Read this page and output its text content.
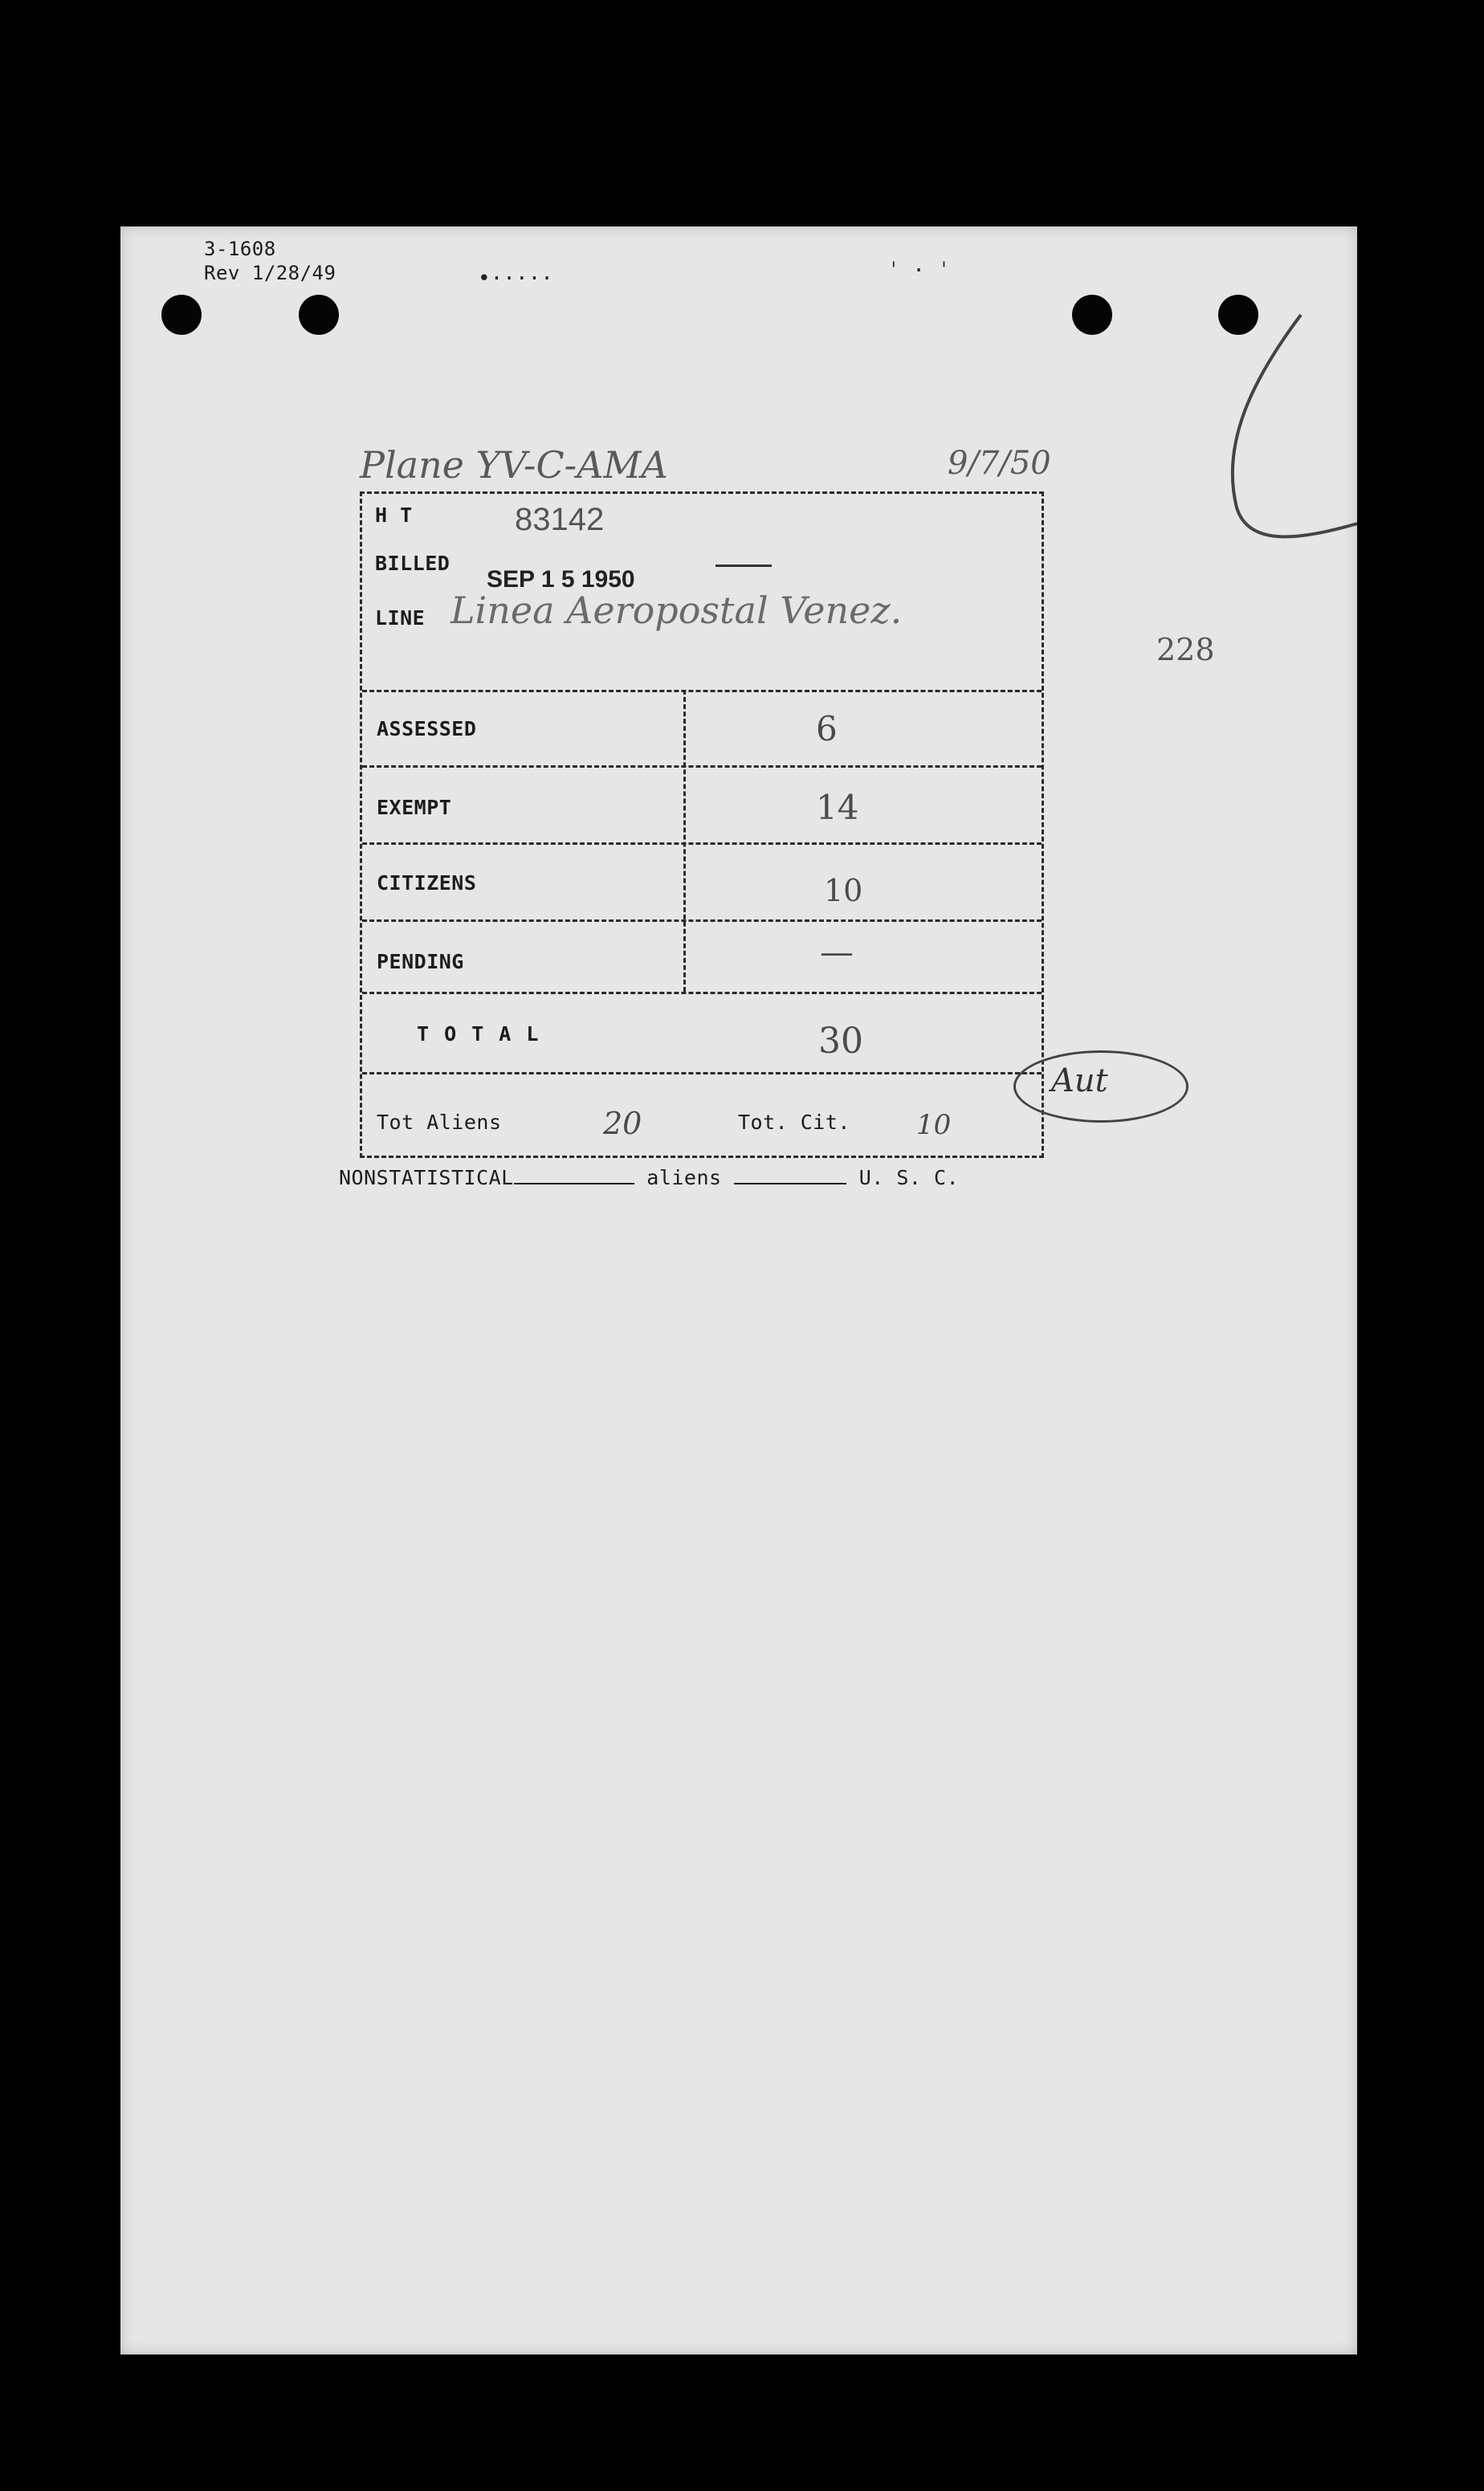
3-1608
Rev 1/28/49	•·····	ˈ · ˈ
Plane YV-C-AMA	9/7/50
228
H T	83142
BILLED
SEP 1 5 1950
LINE Linea Aeropostal Venez.
ASSESSED	6
EXEMPT	14
CITIZENS	10
PENDING	—
T O T A L	30
Tot Aliens	20	Tot. Cit. 10
Aut
NONSTATISTICAL	aliens	U. S. C.
